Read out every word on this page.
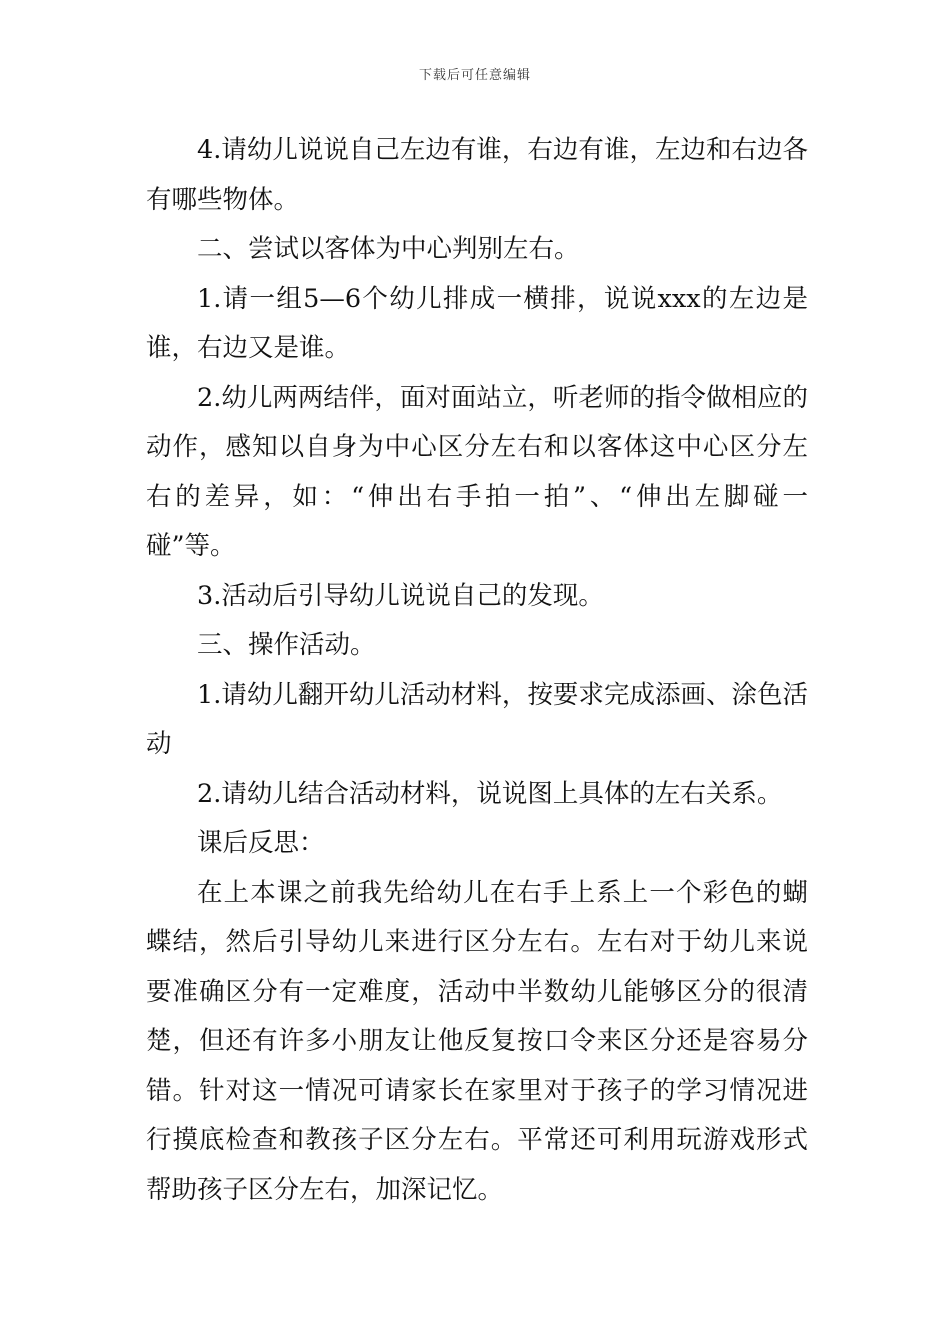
下载后可任意编辑

4.请幼儿说说自己左边有谁，右边有谁，左边和右边各有哪些物体。

二、尝试以客体为中心判别左右。

1.请一组5—6个幼儿排成一横排，说说xxx的左边是谁，右边又是谁。

2.幼儿两两结伴，面对面站立，听老师的指令做相应的动作，感知以自身为中心区分左右和以客体这中心区分左右的差异，如：“伸出右手拍一拍”、“伸出左脚碰一碰”等。

3.活动后引导幼儿说说自己的发现。

三、操作活动。

1.请幼儿翻开幼儿活动材料，按要求完成添画、涂色活动

2.请幼儿结合活动材料，说说图上具体的左右关系。

课后反思：

在上本课之前我先给幼儿在右手上系上一个彩色的蝴蝶结，然后引导幼儿来进行区分左右。左右对于幼儿来说要准确区分有一定难度，活动中半数幼儿能够区分的很清楚，但还有许多小朋友让他反复按口令来区分还是容易分错。针对这一情况可请家长在家里对于孩子的学习情况进行摸底检查和教孩子区分左右。平常还可利用玩游戏形式帮助孩子区分左右，加深记忆。
